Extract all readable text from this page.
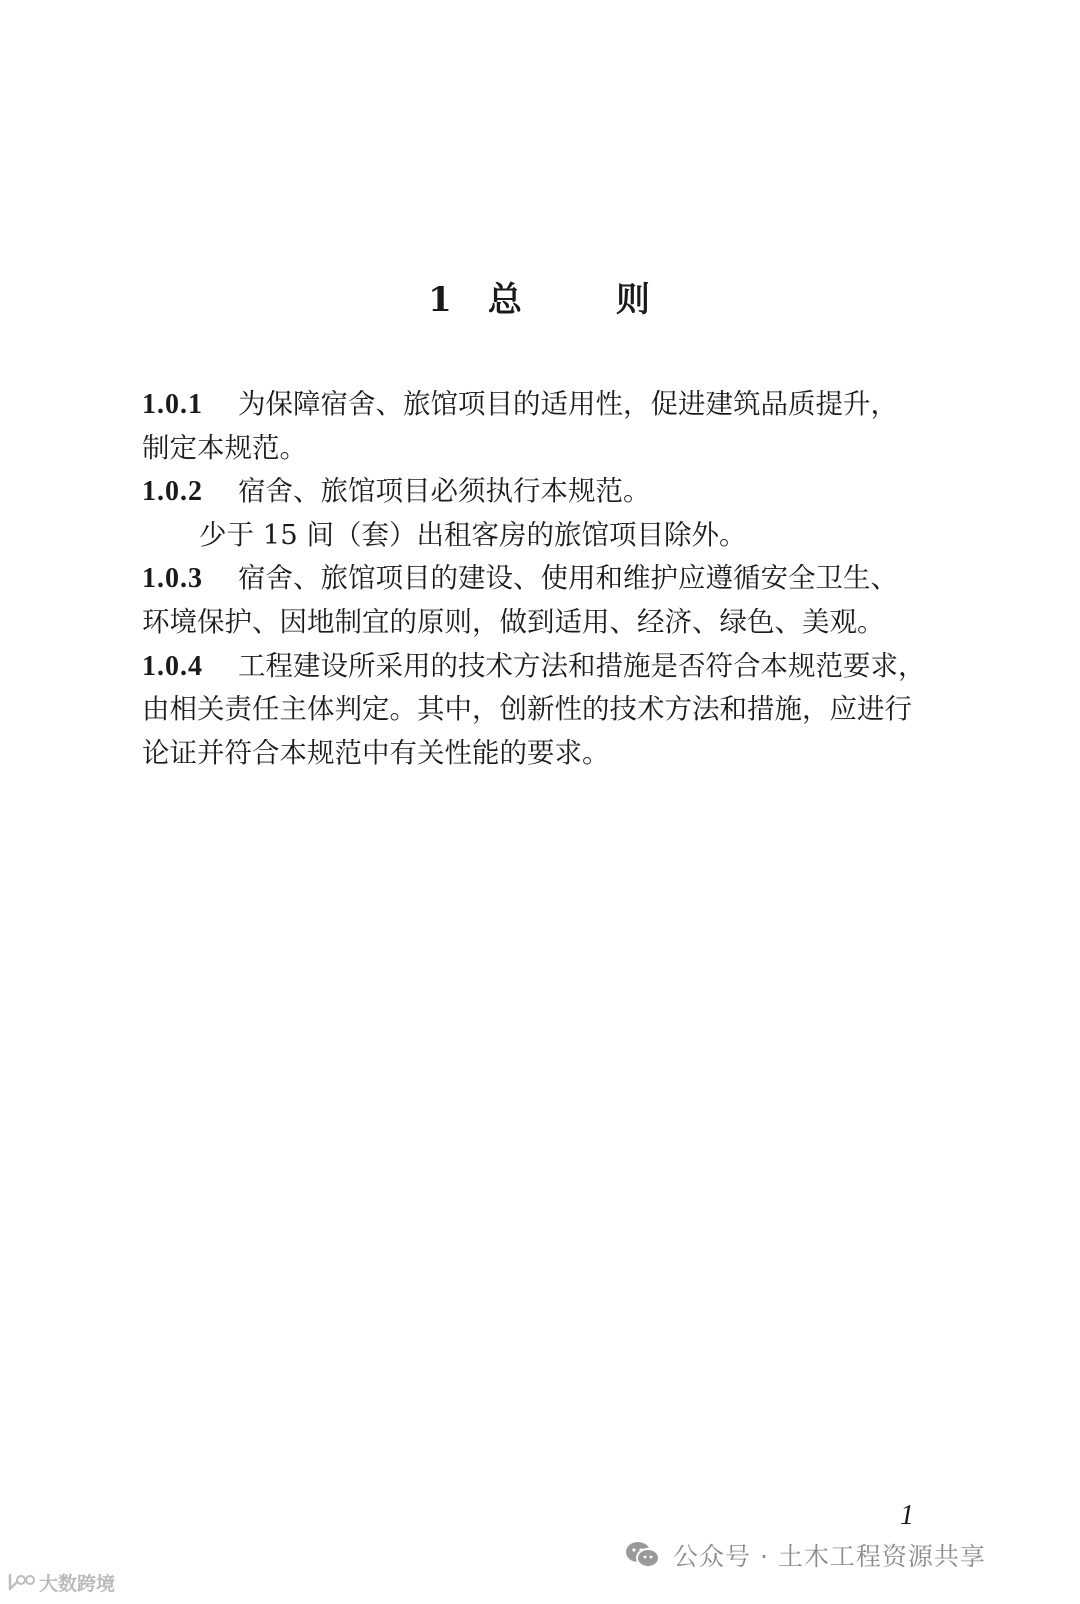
1 总	则
1.0.1 为保障宿舍、旅馆项目的适用性，促进建筑品质提升，
制定本规范。
1.0.2 宿舍、旅馆项目必须执行本规范。
少于 15 间（套）出租客房的旅馆项目除外。
1.0.3 宿舍、旅馆项目的建设、使用和维护应遵循安全卫生、
环境保护、因地制宜的原则，做到适用、经济、绿色、美观。
1.0.4 工程建设所采用的技术方法和措施是否符合本规范要求，
由相关责任主体判定。其中，创新性的技术方法和措施，应进行
论证并符合本规范中有关性能的要求。
1
公众号 · 土木工程资源共享
大数跨境
